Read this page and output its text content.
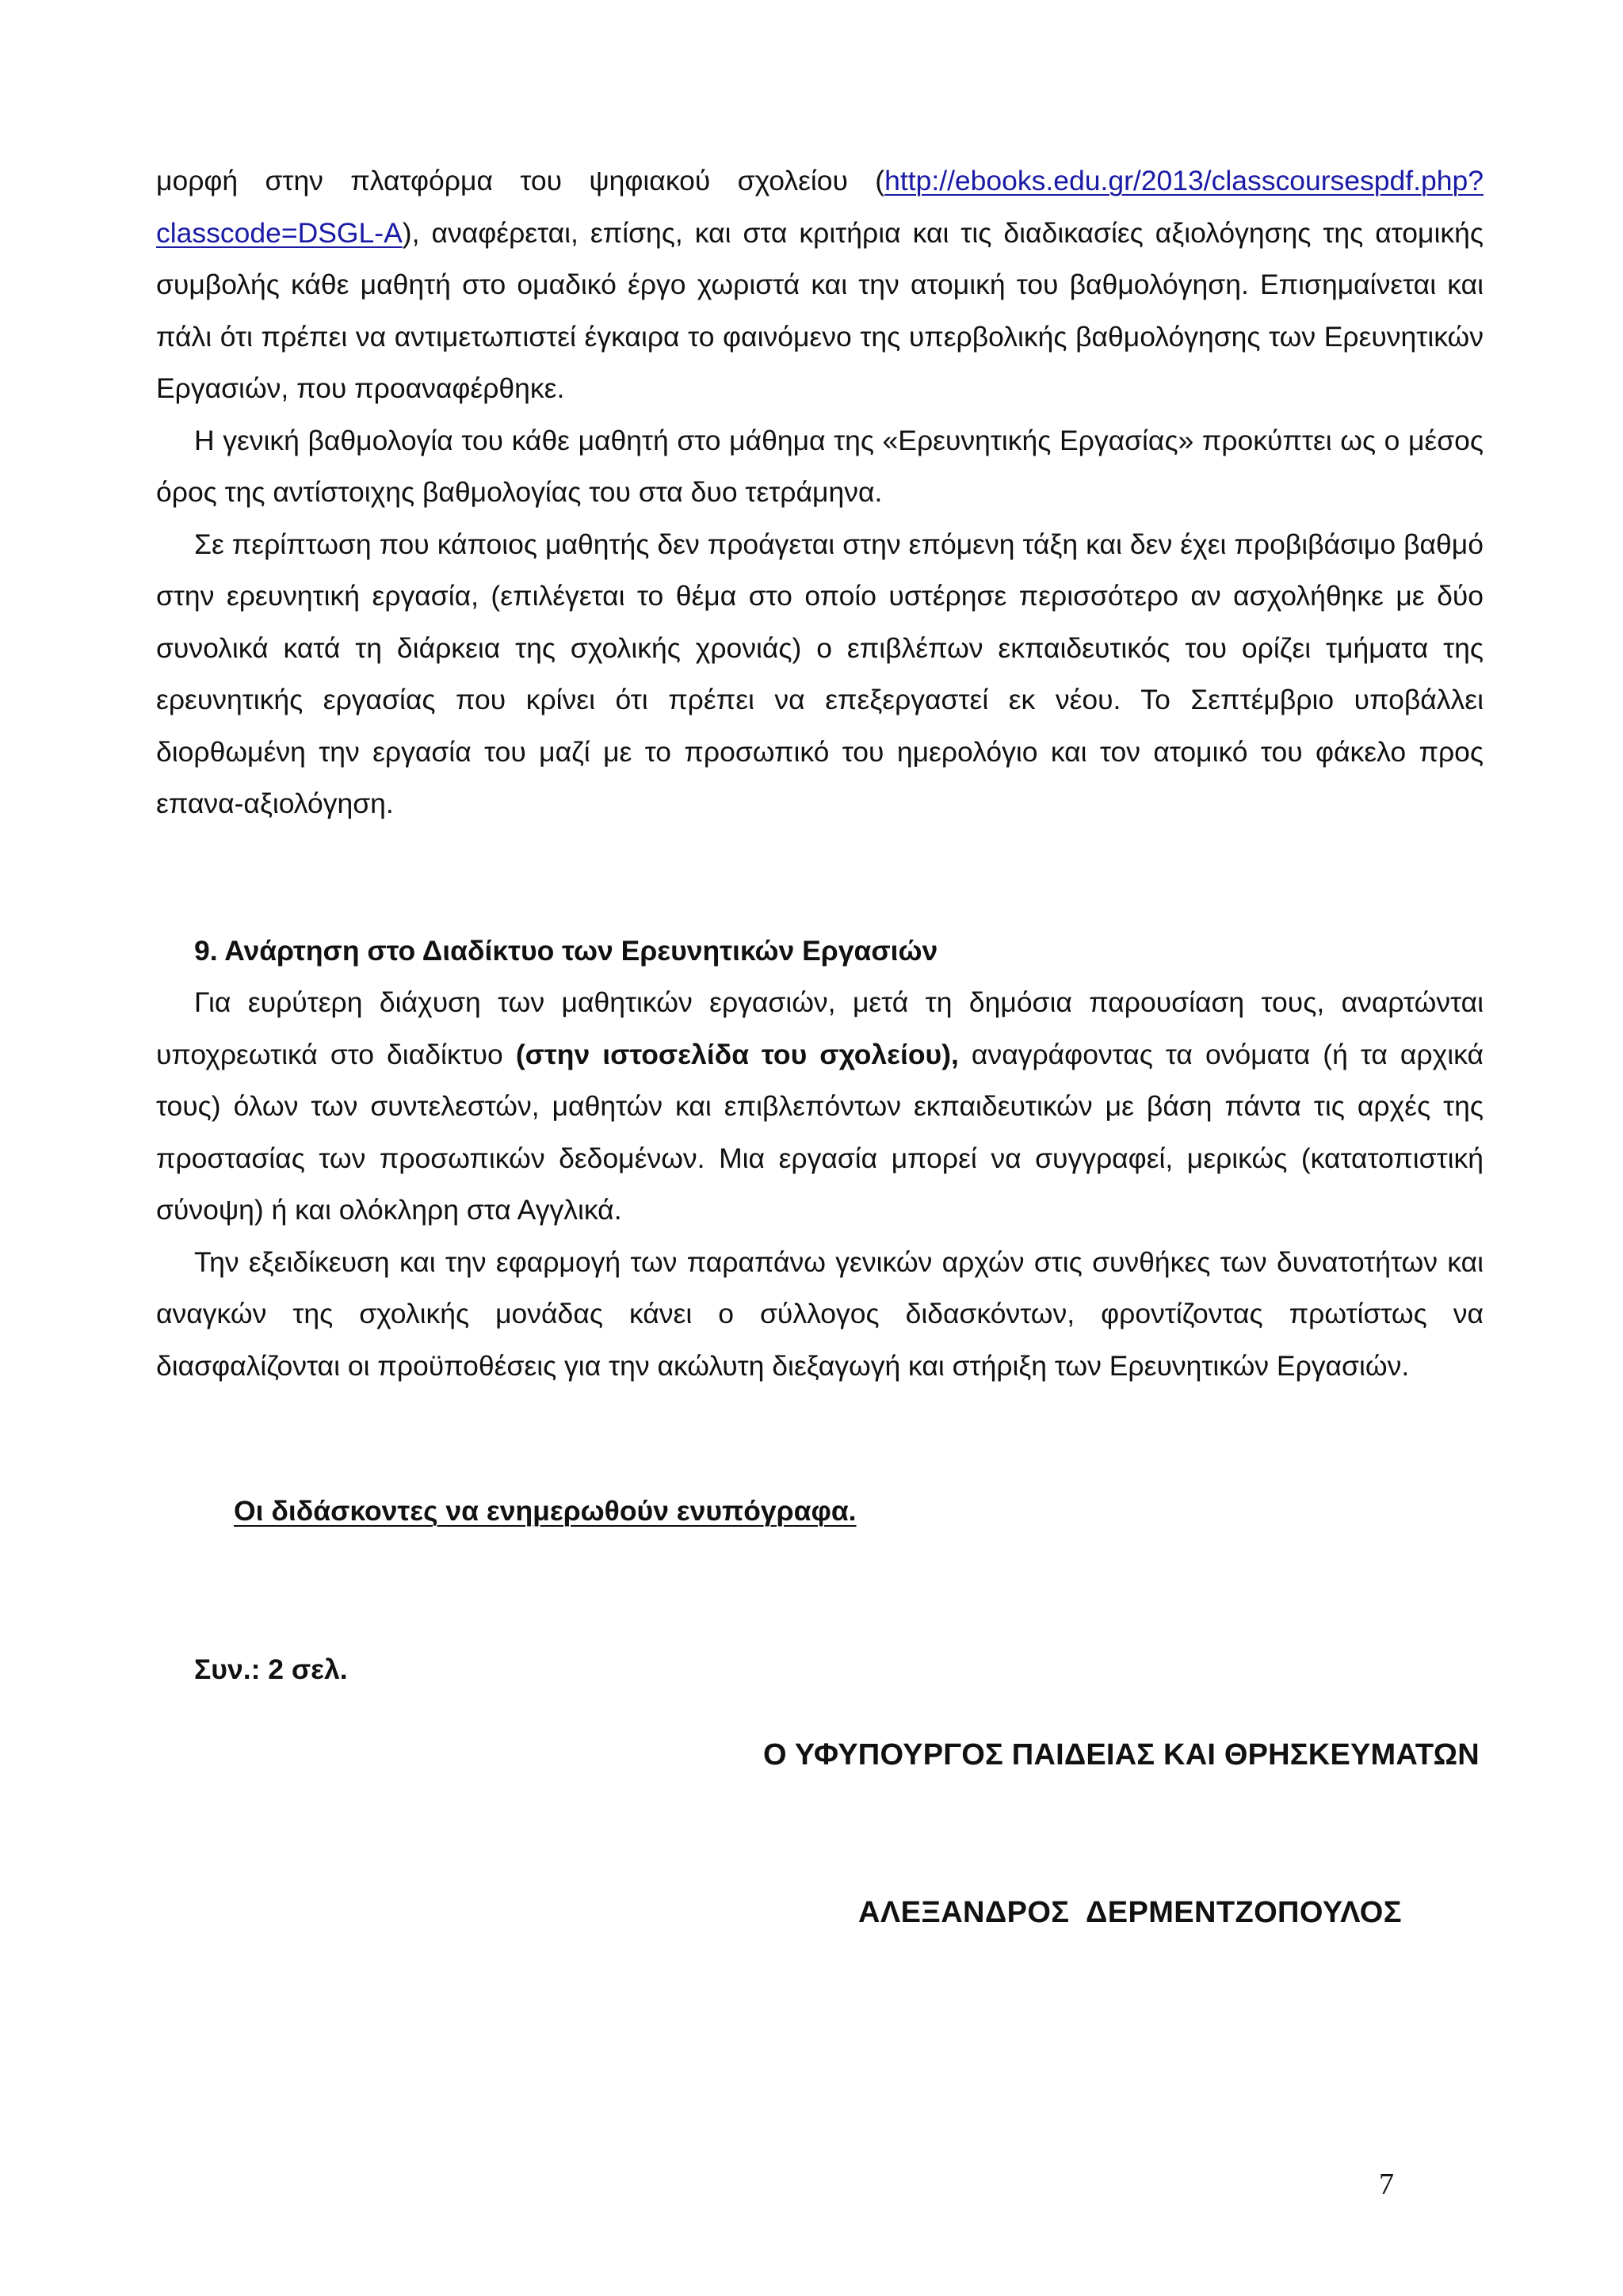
μορφή στην πλατφόρμα του ψηφιακού σχολείου (http://ebooks.edu.gr/2013/classcoursespdf.php?classcode=DSGL-A), αναφέρεται, επίσης, και στα κριτήρια και τις διαδικασίες αξιολόγησης της ατομικής συμβολής κάθε μαθητή στο ομαδικό έργο χωριστά και την ατομική του βαθμολόγηση. Επισημαίνεται και πάλι ότι πρέπει να αντιμετωπιστεί έγκαιρα το φαινόμενο της υπερβολικής βαθμολόγησης των Ερευνητικών Εργασιών, που προαναφέρθηκε.

Η γενική βαθμολογία του κάθε μαθητή στο μάθημα της «Ερευνητικής Εργασίας» προκύπτει ως ο μέσος όρος της αντίστοιχης βαθμολογίας του στα δυο τετράμηνα.

Σε περίπτωση που κάποιος μαθητής δεν προάγεται στην επόμενη τάξη και δεν έχει προβιβάσιμο βαθμό στην ερευνητική εργασία, (επιλέγεται το θέμα στο οποίο υστέρησε περισσότερο αν ασχολήθηκε με δύο συνολικά κατά τη διάρκεια της σχολικής χρονιάς) ο επιβλέπων εκπαιδευτικός του ορίζει τμήματα της ερευνητικής εργασίας που κρίνει ότι πρέπει να επεξεργαστεί εκ νέου. Το Σεπτέμβριο υποβάλλει διορθωμένη την εργασία του μαζί με το προσωπικό του ημερολόγιο και τον ατομικό του φάκελο προς επανα-αξιολόγηση.

9. Ανάρτηση στο Διαδίκτυο των Ερευνητικών Εργασιών

Για ευρύτερη διάχυση των μαθητικών εργασιών, μετά τη δημόσια παρουσίαση τους, αναρτώνται υποχρεωτικά στο διαδίκτυο (στην ιστοσελίδα του σχολείου), αναγράφοντας τα ονόματα (ή τα αρχικά τους) όλων των συντελεστών, μαθητών και επιβλεπόντων εκπαιδευτικών με βάση πάντα τις αρχές της προστασίας των προσωπικών δεδομένων. Μια εργασία μπορεί να συγγραφεί, μερικώς (κατατοπιστική σύνοψη) ή και ολόκληρη στα Αγγλικά.

Την εξειδίκευση και την εφαρμογή των παραπάνω γενικών αρχών στις συνθήκες των δυνατοτήτων και αναγκών της σχολικής μονάδας κάνει ο σύλλογος διδασκόντων, φροντίζοντας πρωτίστως να διασφαλίζονται οι προϋποθέσεις για την ακώλυτη διεξαγωγή και στήριξη των Ερευνητικών Εργασιών.

Οι διδάσκοντες να ενημερωθούν ενυπόγραφα.
Συν.: 2 σελ.
Ο ΥΦΥΠΟΥΡΓΟΣ ΠΑΙΔΕΙΑΣ ΚΑΙ ΘΡΗΣΚΕΥΜΑΤΩΝ
ΑΛΕΞΑΝΔΡΟΣ  ΔΕΡΜΕΝΤΖΟΠΟΥΛΟΣ
7
